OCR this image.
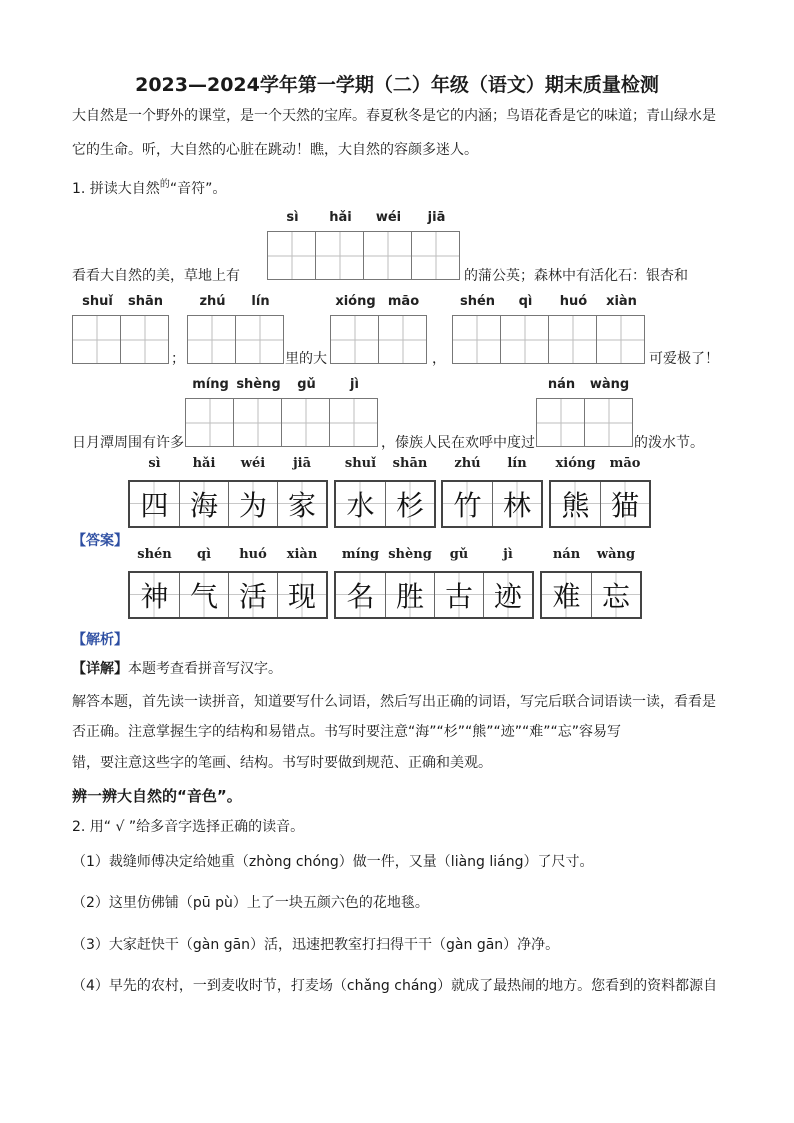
2023—2024学年第一学期（二）年级（语文）期末质量检测
大自然是一个野外的课堂，是一个天然的宝库。春夏秋冬是它的内涵；鸟语花香是它的味道；青山绿水是
它的生命。听，大自然的心脏在跳动！瞧，大自然的容颜多迷人。
1. 拼读大自然$^的$“音符”。
sì	hǎi	wéi	jiā
看看大自然的美，草地上有	的蒲公英；森林中有活化石：银杏和
shuǐ	shān
；
zhú	lín
里的大
xióng māo
，
shén	qì	huó	xiàn
可爱极了！
míng shèng	gǔ	jì	nán	wàng
日月潭周围有许多	，傣族人民在欢呼中度过	的泼水节。
【答案】
sì
四
hǎi
海
wéi
为
jiā
家
shuǐ
水
shān
杉
zhú
竹
lín
林
xióng
熊
māo
猫
shén
神
qì
气
huó
活
xiàn
现
míng
名
shèng
胜
gǔ
古
jì
迹
nán
难
wàng
忘
【解析】
【详解】本题考查看拼音写汉字。
解答本题，首先读一读拼音，知道要写什么词语，然后写出正确的词语，写完后联合词语读一读，看看是
否正确。注意掌握生字的结构和易错点。书写时要注意“海”“杉”“熊”“迹”“难”“忘”容易写
错，要注意这些字的笔画、结构。书写时要做到规范、正确和美观。
辨一辨大自然的“音色”。
2. 用“ √ ”给多音字选择正确的读音。
（1）裁缝师傅决定给她重（zhòng chóng）做一件，又量（liàng liáng）了尺寸。
（2）这里仿佛铺（pū pù）上了一块五颜六色的花地毯。
（3）大家赶快干（gàn gān）活，迅速把教室打扫得干干（gàn gān）净净。
（4）早先的农村，一到麦收时节，打麦场（chǎng cháng）就成了最热闹的地方。您看到的资料都源自
